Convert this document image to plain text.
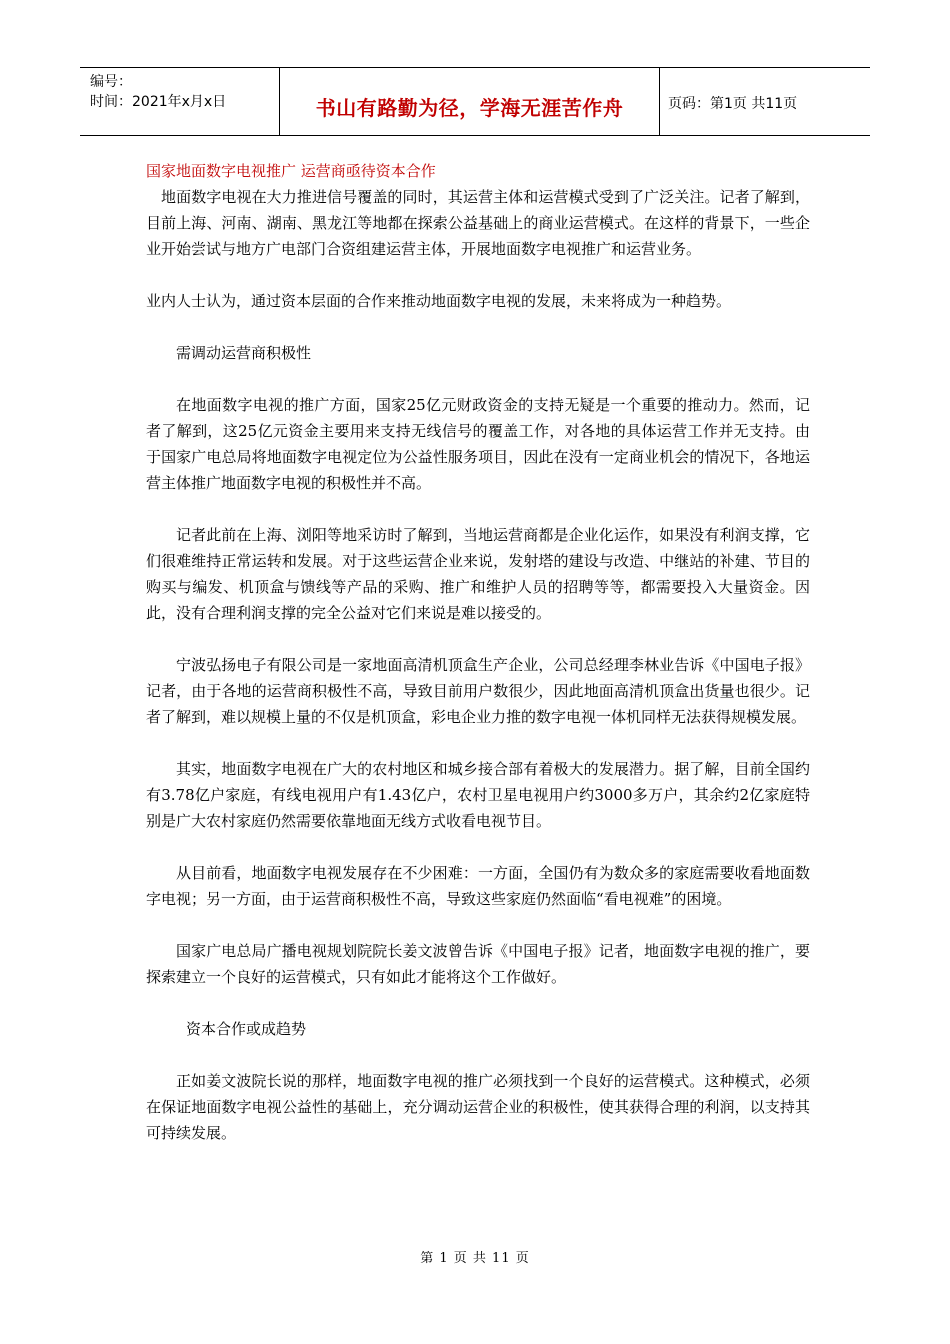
编号：
时间：2021年x月x日	书山有路勤为径，学海无涯苦作舟	页码：第1页 共11页

国家地面数字电视推广 运营商亟待资本合作

地面数字电视在大力推进信号覆盖的同时，其运营主体和运营模式受到了广泛关注。记者了解到，目前上海、河南、湖南、黑龙江等地都在探索公益基础上的商业运营模式。在这样的背景下，一些企业开始尝试与地方广电部门合资组建运营主体，开展地面数字电视推广和运营业务。

业内人士认为，通过资本层面的合作来推动地面数字电视的发展，未来将成为一种趋势。

需调动运营商积极性

在地面数字电视的推广方面，国家25亿元财政资金的支持无疑是一个重要的推动力。然而，记者了解到，这25亿元资金主要用来支持无线信号的覆盖工作，对各地的具体运营工作并无支持。由于国家广电总局将地面数字电视定位为公益性服务项目，因此在没有一定商业机会的情况下，各地运营主体推广地面数字电视的积极性并不高。

记者此前在上海、浏阳等地采访时了解到，当地运营商都是企业化运作，如果没有利润支撑，它们很难维持正常运转和发展。对于这些运营企业来说，发射塔的建设与改造、中继站的补建、节目的购买与编发、机顶盒与馈线等产品的采购、推广和维护人员的招聘等等，都需要投入大量资金。因此，没有合理利润支撑的完全公益对它们来说是难以接受的。

宁波弘扬电子有限公司是一家地面高清机顶盒生产企业，公司总经理李林业告诉《中国电子报》记者，由于各地的运营商积极性不高，导致目前用户数很少，因此地面高清机顶盒出货量也很少。记者了解到，难以规模上量的不仅是机顶盒，彩电企业力推的数字电视一体机同样无法获得规模发展。

其实，地面数字电视在广大的农村地区和城乡接合部有着极大的发展潜力。据了解，目前全国约有3.78亿户家庭，有线电视用户有1.43亿户，农村卫星电视用户约3000多万户，其余约2亿家庭特别是广大农村家庭仍然需要依靠地面无线方式收看电视节目。

从目前看，地面数字电视发展存在不少困难：一方面，全国仍有为数众多的家庭需要收看地面数字电视；另一方面，由于运营商积极性不高，导致这些家庭仍然面临“看电视难”的困境。

国家广电总局广播电视规划院院长姜文波曾告诉《中国电子报》记者，地面数字电视的推广，要探索建立一个良好的运营模式，只有如此才能将这个工作做好。

资本合作或成趋势

正如姜文波院长说的那样，地面数字电视的推广必须找到一个良好的运营模式。这种模式，必须在保证地面数字电视公益性的基础上，充分调动运营企业的积极性，使其获得合理的利润，以支持其可持续发展。

第 1 页 共 11 页
